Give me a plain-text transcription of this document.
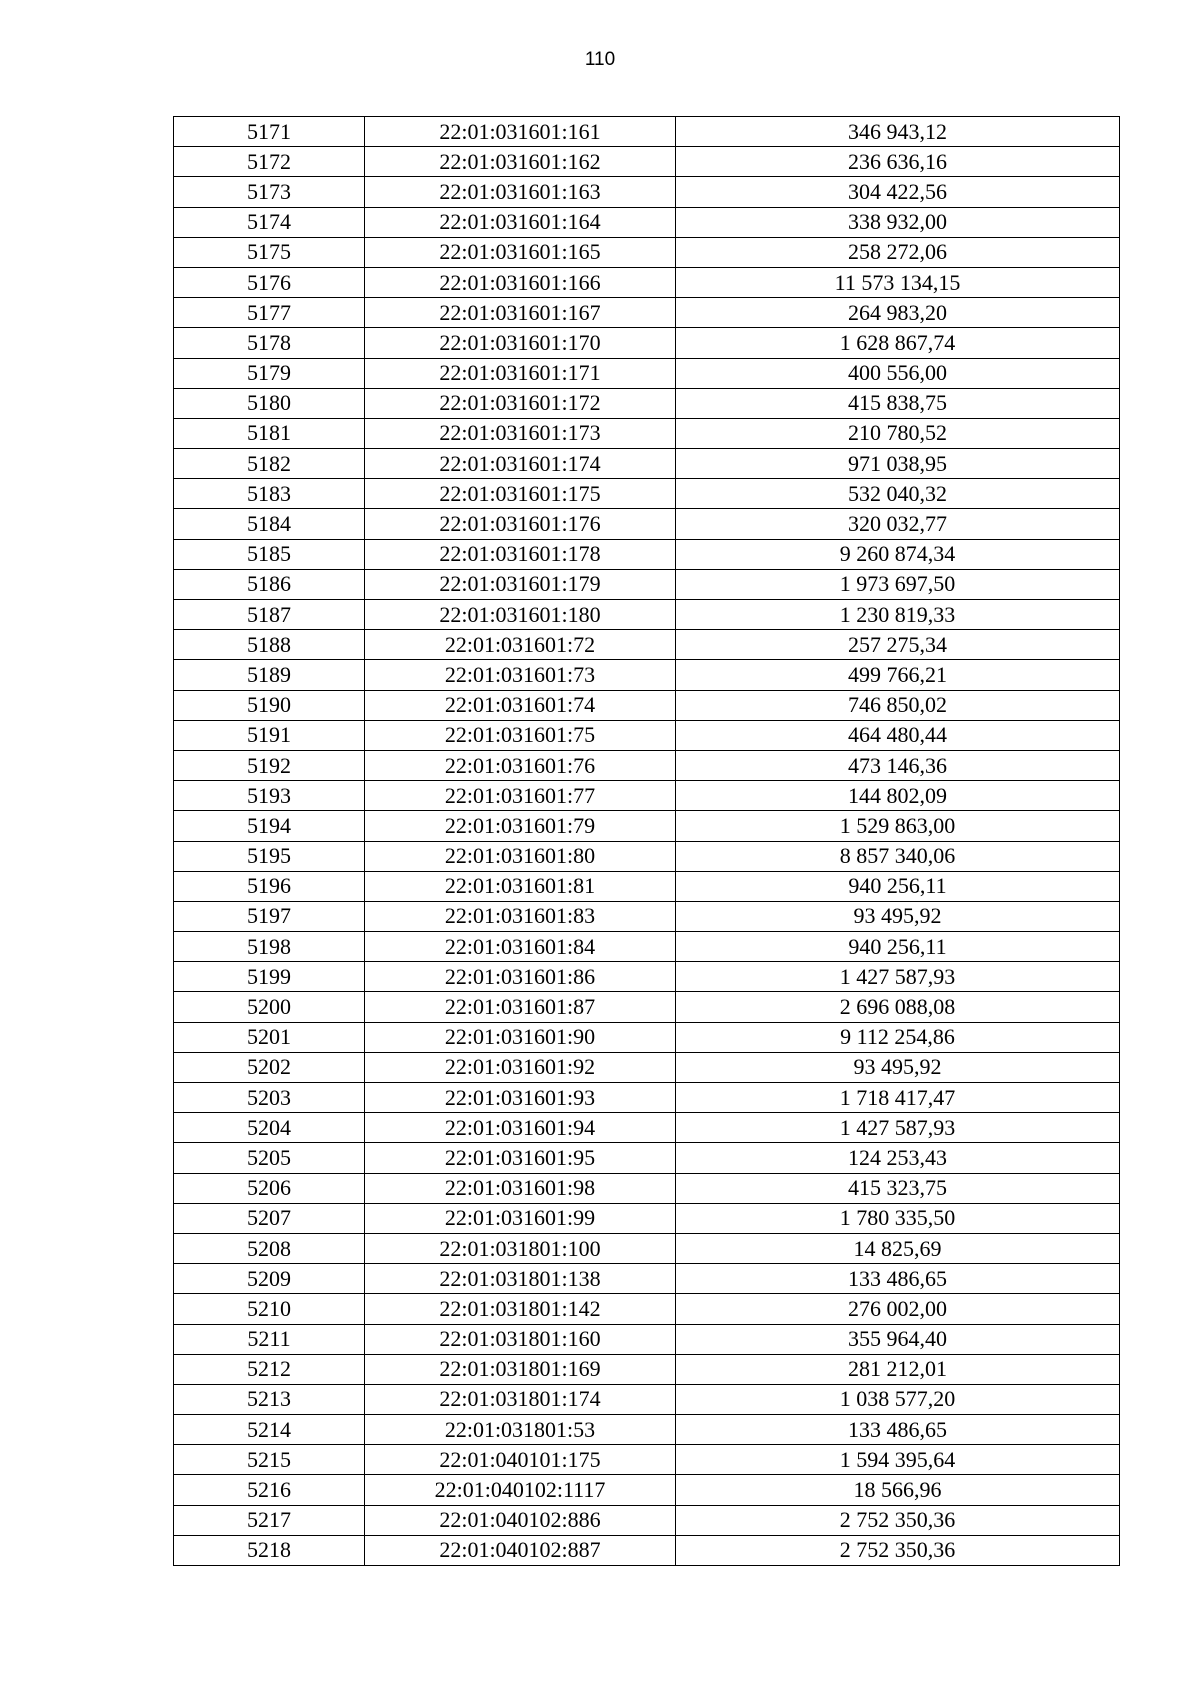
110
5171	22:01:031601:161	346 943,12
5172	22:01:031601:162	236 636,16
5173	22:01:031601:163	304 422,56
5174	22:01:031601:164	338 932,00
5175	22:01:031601:165	258 272,06
5176	22:01:031601:166	11 573 134,15
5177	22:01:031601:167	264 983,20
5178	22:01:031601:170	1 628 867,74
5179	22:01:031601:171	400 556,00
5180	22:01:031601:172	415 838,75
5181	22:01:031601:173	210 780,52
5182	22:01:031601:174	971 038,95
5183	22:01:031601:175	532 040,32
5184	22:01:031601:176	320 032,77
5185	22:01:031601:178	9 260 874,34
5186	22:01:031601:179	1 973 697,50
5187	22:01:031601:180	1 230 819,33
5188	22:01:031601:72	257 275,34
5189	22:01:031601:73	499 766,21
5190	22:01:031601:74	746 850,02
5191	22:01:031601:75	464 480,44
5192	22:01:031601:76	473 146,36
5193	22:01:031601:77	144 802,09
5194	22:01:031601:79	1 529 863,00
5195	22:01:031601:80	8 857 340,06
5196	22:01:031601:81	940 256,11
5197	22:01:031601:83	93 495,92
5198	22:01:031601:84	940 256,11
5199	22:01:031601:86	1 427 587,93
5200	22:01:031601:87	2 696 088,08
5201	22:01:031601:90	9 112 254,86
5202	22:01:031601:92	93 495,92
5203	22:01:031601:93	1 718 417,47
5204	22:01:031601:94	1 427 587,93
5205	22:01:031601:95	124 253,43
5206	22:01:031601:98	415 323,75
5207	22:01:031601:99	1 780 335,50
5208	22:01:031801:100	14 825,69
5209	22:01:031801:138	133 486,65
5210	22:01:031801:142	276 002,00
5211	22:01:031801:160	355 964,40
5212	22:01:031801:169	281 212,01
5213	22:01:031801:174	1 038 577,20
5214	22:01:031801:53	133 486,65
5215	22:01:040101:175	1 594 395,64
5216	22:01:040102:1117	18 566,96
5217	22:01:040102:886	2 752 350,36
5218	22:01:040102:887	2 752 350,36
